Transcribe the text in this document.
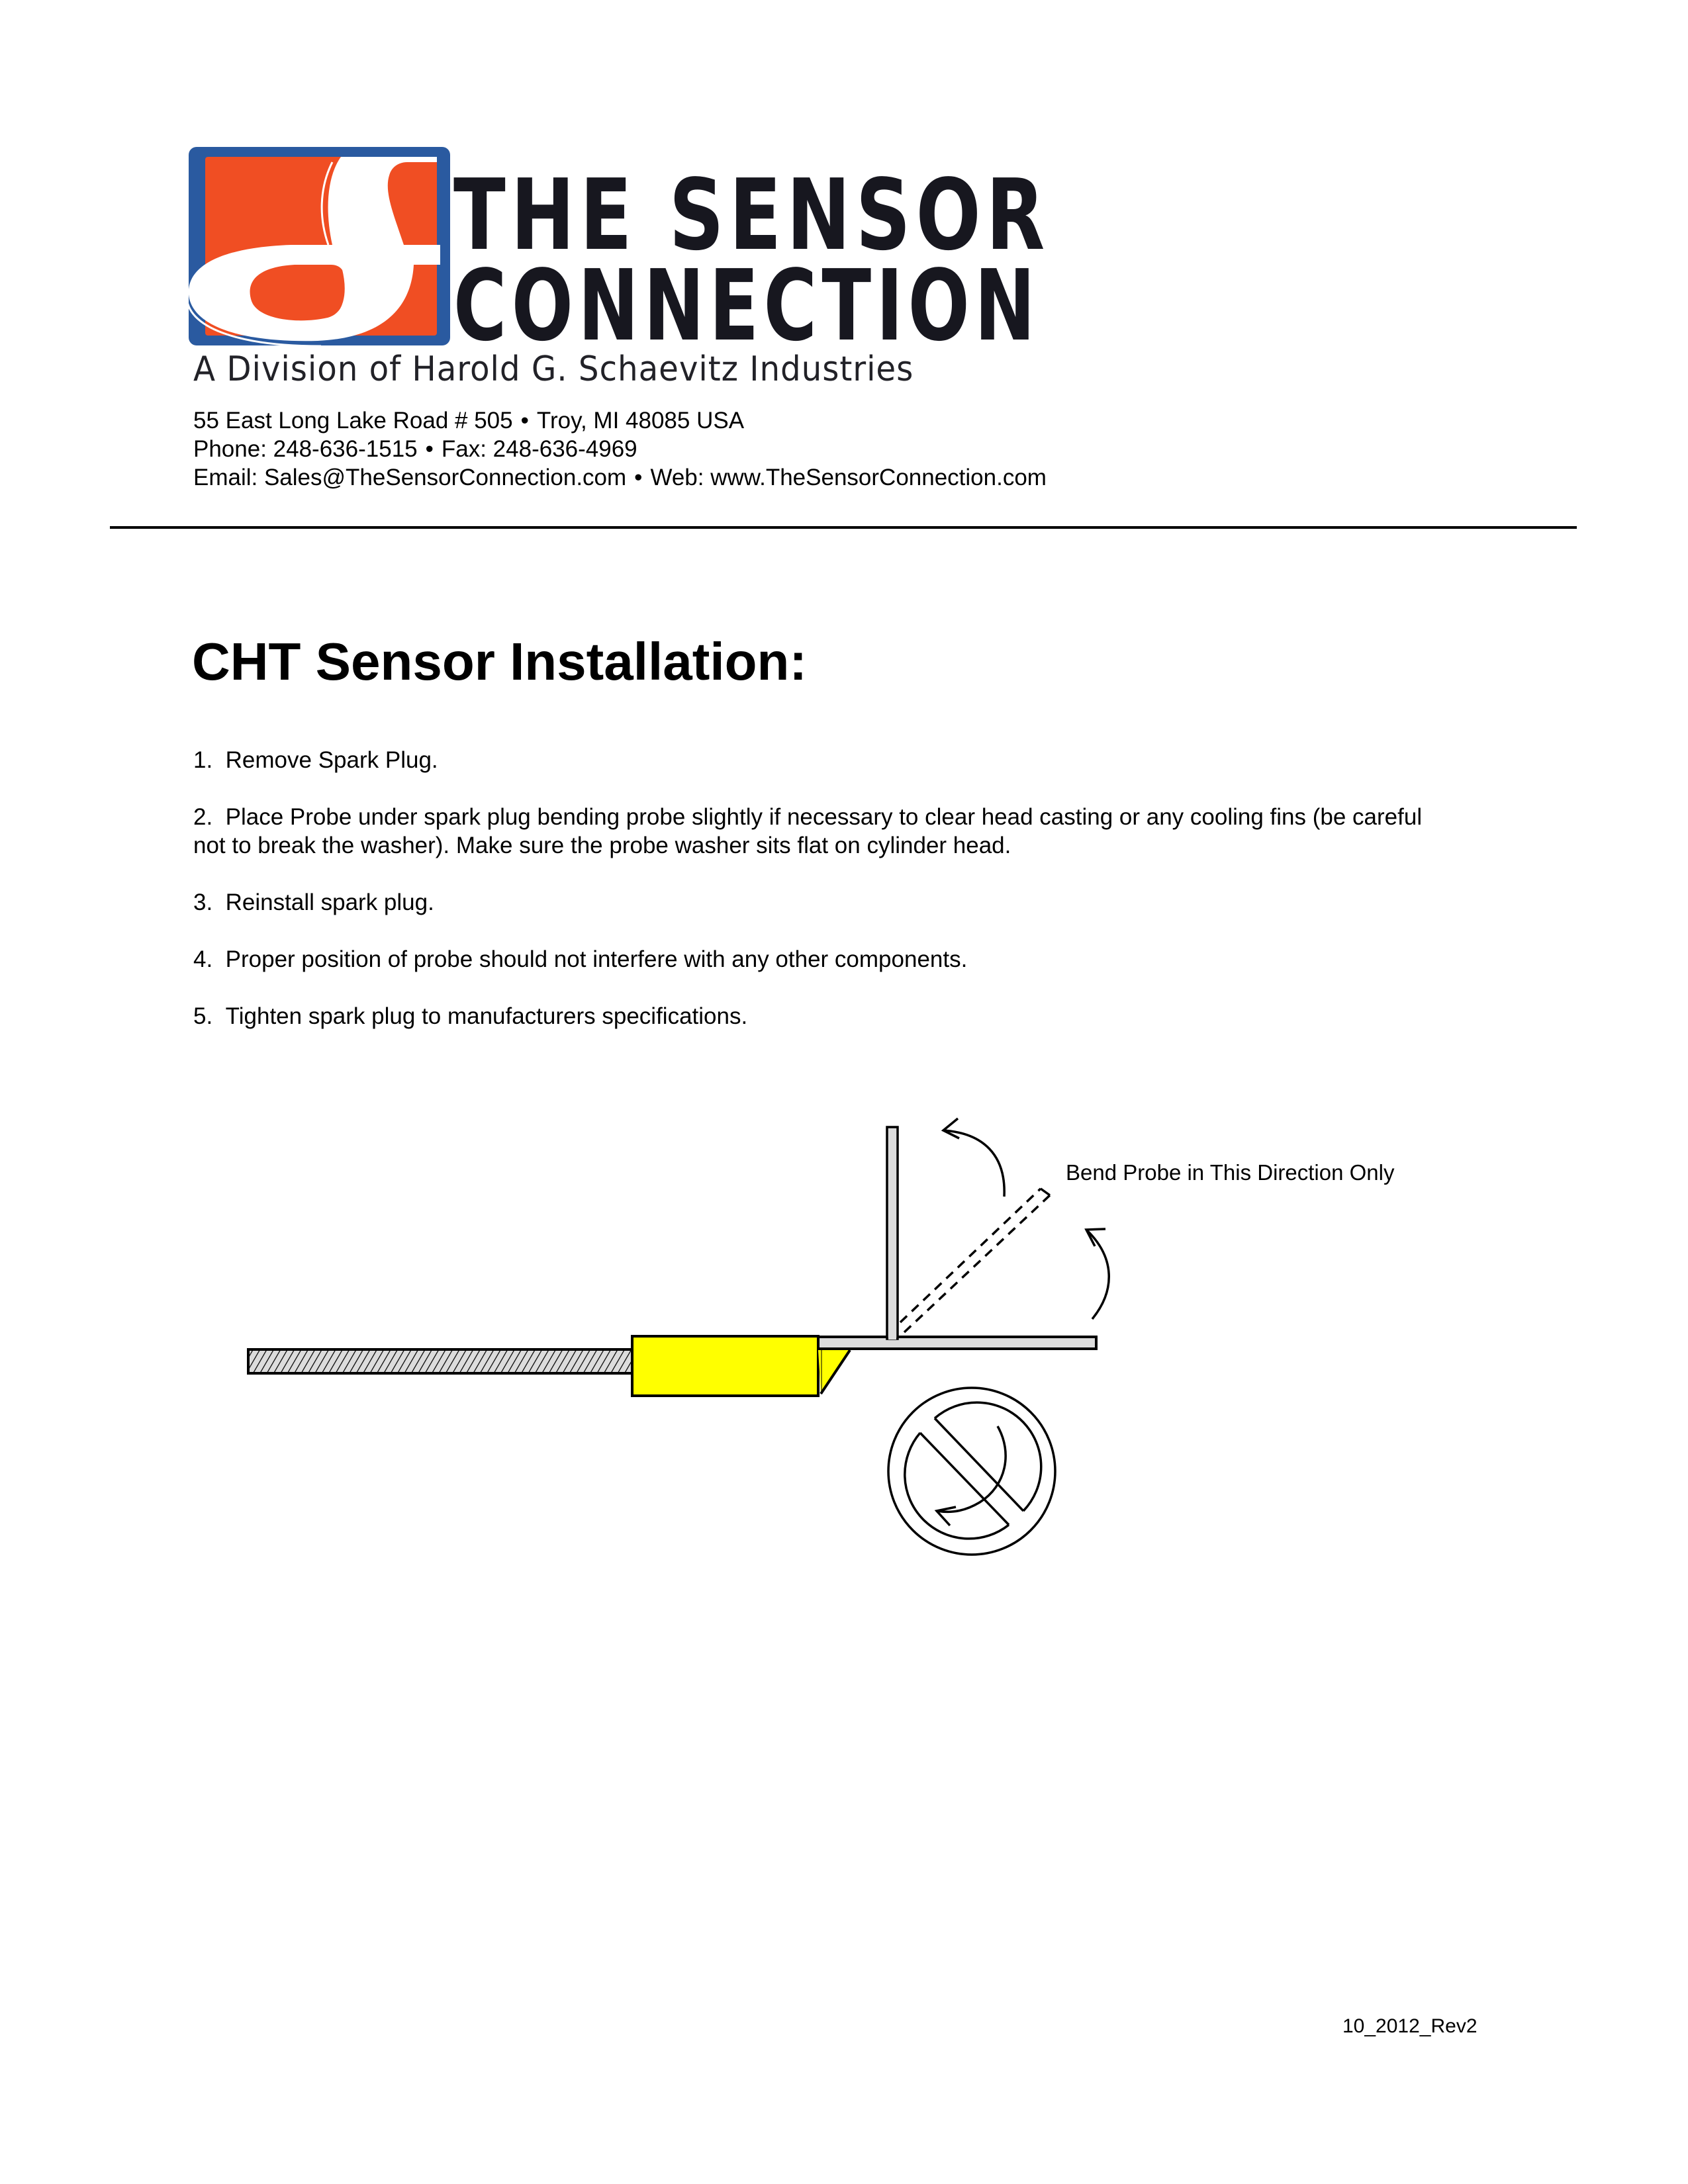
THE SENSOR
CONNECTION
A Division of Harold G. Schaevitz Industries
55 East Long Lake Road # 505 • Troy, MI 48085 USA
Phone: 248-636-1515 • Fax: 248-636-4969
Email: Sales@TheSensorConnection.com • Web: www.TheSensorConnection.com
CHT Sensor Installation:
1. Remove Spark Plug.
2. Place Probe under spark plug bending probe slightly if necessary to clear head casting or any cooling fins (be careful not to break the washer). Make sure the probe washer sits flat on cylinder head.
3. Reinstall spark plug.
4. Proper position of probe should not interfere with any other components.
5. Tighten spark plug to manufacturers specifications.
Bend Probe in This Direction Only
10_2012_Rev2
